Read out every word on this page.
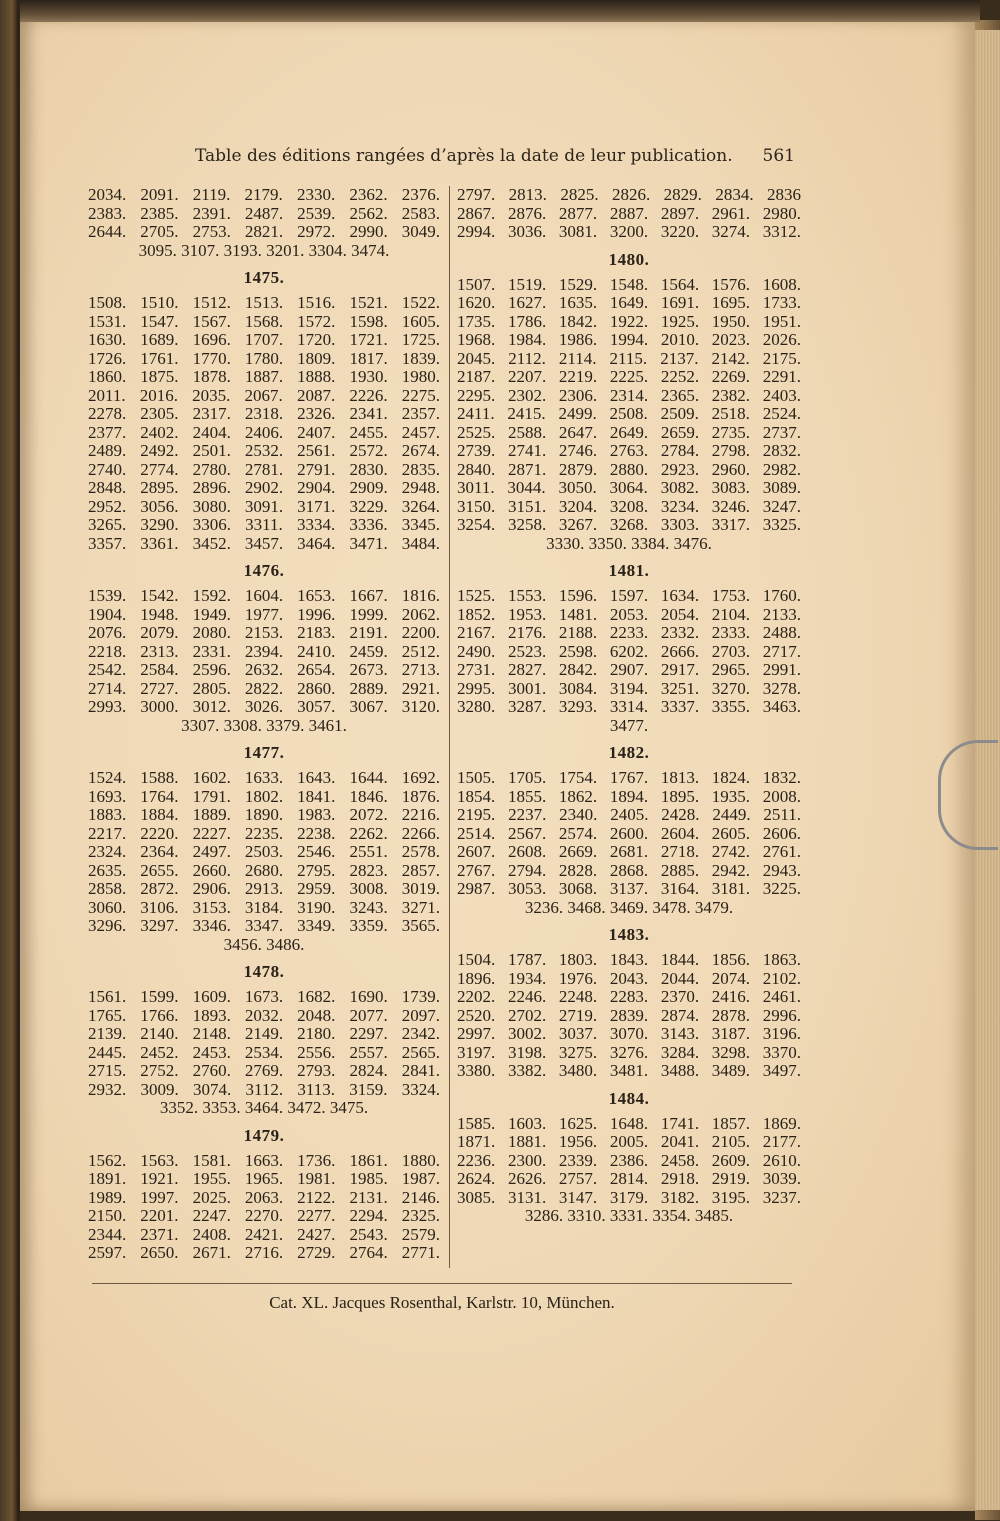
Table des éditions rangées d’après la date de leur publication. 561
2034. 2091. 2119. 2179. 2330. 2362. 2376.
2383. 2385. 2391. 2487. 2539. 2562. 2583.
2644. 2705. 2753. 2821. 2972. 2990. 3049.
3095. 3107. 3193. 3201. 3304. 3474.
1475.
1508. 1510. 1512. 1513. 1516. 1521. 1522.
1531. 1547. 1567. 1568. 1572. 1598. 1605.
1630. 1689. 1696. 1707. 1720. 1721. 1725.
1726. 1761. 1770. 1780. 1809. 1817. 1839.
1860. 1875. 1878. 1887. 1888. 1930. 1980.
2011. 2016. 2035. 2067. 2087. 2226. 2275.
2278. 2305. 2317. 2318. 2326. 2341. 2357.
2377. 2402. 2404. 2406. 2407. 2455. 2457.
2489. 2492. 2501. 2532. 2561. 2572. 2674.
2740. 2774. 2780. 2781. 2791. 2830. 2835.
2848. 2895. 2896. 2902. 2904. 2909. 2948.
2952. 3056. 3080. 3091. 3171. 3229. 3264.
3265. 3290. 3306. 3311. 3334. 3336. 3345.
3357. 3361. 3452. 3457. 3464. 3471. 3484.
1476.
1539. 1542. 1592. 1604. 1653. 1667. 1816.
1904. 1948. 1949. 1977. 1996. 1999. 2062.
2076. 2079. 2080. 2153. 2183. 2191. 2200.
2218. 2313. 2331. 2394. 2410. 2459. 2512.
2542. 2584. 2596. 2632. 2654. 2673. 2713.
2714. 2727. 2805. 2822. 2860. 2889. 2921.
2993. 3000. 3012. 3026. 3057. 3067. 3120.
3307. 3308. 3379. 3461.
1477.
1524. 1588. 1602. 1633. 1643. 1644. 1692.
1693. 1764. 1791. 1802. 1841. 1846. 1876.
1883. 1884. 1889. 1890. 1983. 2072. 2216.
2217. 2220. 2227. 2235. 2238. 2262. 2266.
2324. 2364. 2497. 2503. 2546. 2551. 2578.
2635. 2655. 2660. 2680. 2795. 2823. 2857.
2858. 2872. 2906. 2913. 2959. 3008. 3019.
3060. 3106. 3153. 3184. 3190. 3243. 3271.
3296. 3297. 3346. 3347. 3349. 3359. 3565.
3456. 3486.
1478.
1561. 1599. 1609. 1673. 1682. 1690. 1739.
1765. 1766. 1893. 2032. 2048. 2077. 2097.
2139. 2140. 2148. 2149. 2180. 2297. 2342.
2445. 2452. 2453. 2534. 2556. 2557. 2565.
2715. 2752. 2760. 2769. 2793. 2824. 2841.
2932. 3009. 3074. 3112. 3113. 3159. 3324.
3352. 3353. 3464. 3472. 3475.
1479.
1562. 1563. 1581. 1663. 1736. 1861. 1880.
1891. 1921. 1955. 1965. 1981. 1985. 1987.
1989. 1997. 2025. 2063. 2122. 2131. 2146.
2150. 2201. 2247. 2270. 2277. 2294. 2325.
2344. 2371. 2408. 2421. 2427. 2543. 2579.
2597. 2650. 2671. 2716. 2729. 2764. 2771.
2797. 2813. 2825. 2826. 2829. 2834. 2836
2867. 2876. 2877. 2887. 2897. 2961. 2980.
2994. 3036. 3081. 3200. 3220. 3274. 3312.
1480.
1507. 1519. 1529. 1548. 1564. 1576. 1608.
1620. 1627. 1635. 1649. 1691. 1695. 1733.
1735. 1786. 1842. 1922. 1925. 1950. 1951.
1968. 1984. 1986. 1994. 2010. 2023. 2026.
2045. 2112. 2114. 2115. 2137. 2142. 2175.
2187. 2207. 2219. 2225. 2252. 2269. 2291.
2295. 2302. 2306. 2314. 2365. 2382. 2403.
2411. 2415. 2499. 2508. 2509. 2518. 2524.
2525. 2588. 2647. 2649. 2659. 2735. 2737.
2739. 2741. 2746. 2763. 2784. 2798. 2832.
2840. 2871. 2879. 2880. 2923. 2960. 2982.
3011. 3044. 3050. 3064. 3082. 3083. 3089.
3150. 3151. 3204. 3208. 3234. 3246. 3247.
3254. 3258. 3267. 3268. 3303. 3317. 3325.
3330. 3350. 3384. 3476.
1481.
1525. 1553. 1596. 1597. 1634. 1753. 1760.
1852. 1953. 1481. 2053. 2054. 2104. 2133.
2167. 2176. 2188. 2233. 2332. 2333. 2488.
2490. 2523. 2598. 6202. 2666. 2703. 2717.
2731. 2827. 2842. 2907. 2917. 2965. 2991.
2995. 3001. 3084. 3194. 3251. 3270. 3278.
3280. 3287. 3293. 3314. 3337. 3355. 3463.
3477.
1482.
1505. 1705. 1754. 1767. 1813. 1824. 1832.
1854. 1855. 1862. 1894. 1895. 1935. 2008.
2195. 2237. 2340. 2405. 2428. 2449. 2511.
2514. 2567. 2574. 2600. 2604. 2605. 2606.
2607. 2608. 2669. 2681. 2718. 2742. 2761.
2767. 2794. 2828. 2868. 2885. 2942. 2943.
2987. 3053. 3068. 3137. 3164. 3181. 3225.
3236. 3468. 3469. 3478. 3479.
1483.
1504. 1787. 1803. 1843. 1844. 1856. 1863.
1896. 1934. 1976. 2043. 2044. 2074. 2102.
2202. 2246. 2248. 2283. 2370. 2416. 2461.
2520. 2702. 2719. 2839. 2874. 2878. 2996.
2997. 3002. 3037. 3070. 3143. 3187. 3196.
3197. 3198. 3275. 3276. 3284. 3298. 3370.
3380. 3382. 3480. 3481. 3488. 3489. 3497.
1484.
1585. 1603. 1625. 1648. 1741. 1857. 1869.
1871. 1881. 1956. 2005. 2041. 2105. 2177.
2236. 2300. 2339. 2386. 2458. 2609. 2610.
2624. 2626. 2757. 2814. 2918. 2919. 3039.
3085. 3131. 3147. 3179. 3182. 3195. 3237.
3286. 3310. 3331. 3354. 3485.
Cat. XL. Jacques Rosenthal, Karlstr. 10, München.
